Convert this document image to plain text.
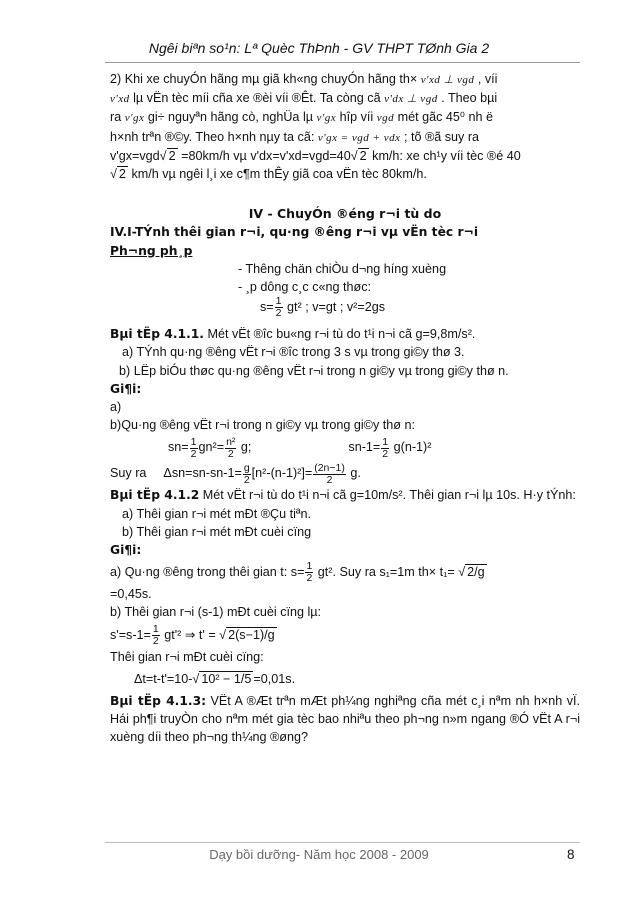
Ngêi biªn so¹n: Lª Quèc ThÞnh - GV THPT TØnh Gia 2

2) Khi xe chuyÓn hãng mµ giã kh«ng chuyÓn hãng th× v'xd ⊥ vgd , víi
v'xd lµ vËn tèc míi cña xe ®èi víi ®Êt. Ta còng cã v'dx ⊥ vgd . Theo bµi
ra v'gx gi÷ nguyªn hãng cò, nghÜa lµ v'gx hîp víi vgd mét gãc 45⁰ nh ë
h×nh trªn ®©y. Theo h×nh nµy ta cã: v'gx = vgd + vdx ; tõ ®ã suy ra
v'gx=vgd√ 2 =80km/h vµ v'dx=v'xd=vgd=40√ 2 km/h: xe ch¹y víi tèc ®é 40
√ 2 km/h vµ ngêi l¸i xe c¶m thÊy giã coa vËn tèc 80km/h.

IV - ChuyÓn ®éng r¬i tù do

IV.I-TÝnh thêi gian r¬i, qu·ng ®êng r¬i vµ vËn tèc r¬i

Ph¬ng ph¸p

- Thêng chän chiÒu d¬ng híng xuèng

- ¸p dông c¸c c«ng thøc:

$s= \frac{1}{2} gt^2$ ; v=gt ; v²=2gs

Bµi tËp 4.1.1. Mét vËt ®îc bu«ng r¬i tù do t¹i n¬i cã g=9,8m/s².

a) TÝnh qu·ng ®êng vËt r¬i ®îc trong 3 s vµ trong gi©y thø 3.

b) LËp biÓu thøc qu·ng ®êng vËt r¬i trong n gi©y vµ trong gi©y thø n.

Gi¶i:

a)

b)Qu·ng ®êng vËt r¬i trong n gi©y vµ trong gi©y thø n:

$sn= \frac{1}{2} gn^2= \frac{\text{n²}}{2} g$;	$sn-1= \frac{1}{2} g(n-1)^2$

Suy ra $\Delta sn=sn-sn-1= \frac{g}{2} [n^2-(n-1)^2]= \frac{(2n-1)}{2} g$.

Bµi tËp 4.1.2 Mét vËt r¬i tù do t¹i n¬i cã g=10m/s². Thêi gian r¬i lµ 10s. H·y tÝnh:

a) Thêi gian r¬i mét mÐt ®Çu tiªn.

b) Thêi gian r¬i mét mÐt cuèi cïng

Gi¶i:

a) Qu·ng ®êng trong thêi gian t: $s= \frac{1}{2} gt^2$. Suy ra s₁=1m th× t₁= √ 2/g

=0,45s.

b) Thêi gian r¬i (s-1) mÐt cuèi cïng lµ:

$s'=s-1= \frac{1}{2} gt'^2$ ⇒ t' = √ 2(s−1)/g

Thêi gian r¬i mÐt cuèi cïng:

Δt=t-t'=10-√ 10² − 1/5 =0,01s.

Bµi tËp 4.1.3: VËt A ®Æt trªn mÆt ph¼ng nghiªng cña mét c¸i nªm nh h×nh vÏ. Hái ph¶i truyÒn cho nªm mét gia tèc bao nhiªu theo ph¬ng n»m ngang ®Ó vËt A r¬i xuèng díi theo ph¬ng th¼ng ®øng?

Dạy bồi dưỡng- Năm học 2008 - 2009	8
